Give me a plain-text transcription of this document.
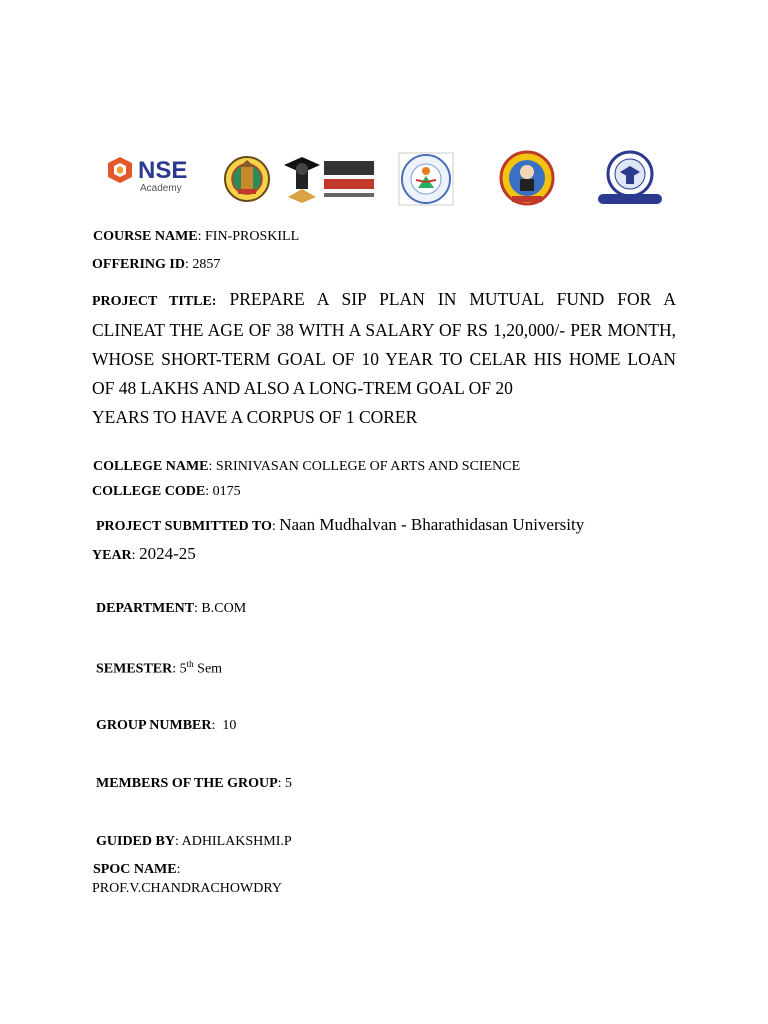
NSE
Academy
COURSE NAME: FIN-PROSKILL
OFFERING ID: 2857
PROJECT TITLE: PREPARE A SIP PLAN IN MUTUAL FUND FOR A
CLINEAT THE AGE OF 38 WITH A SALARY OF RS 1,20,000/- PER MONTH,
WHOSE SHORT-TERM GOAL OF 10 YEAR TO CELAR HIS HOME LOAN
OF 48 LAKHS AND ALSO A LONG-TREM GOAL OF 20
YEARS TO HAVE A CORPUS OF 1 CORER
COLLEGE NAME: SRINIVASAN COLLEGE OF ARTS AND SCIENCE
COLLEGE CODE: 0175
PROJECT SUBMITTED TO: Naan Mudhalvan - Bharathidasan University
YEAR: 2024-25
DEPARTMENT: B.COM
SEMESTER: 5th Sem
GROUP NUMBER:  10
MEMBERS OF THE GROUP: 5
GUIDED BY: ADHILAKSHMI.P
SPOC NAME:
PROF.V.CHANDRACHOWDRY
